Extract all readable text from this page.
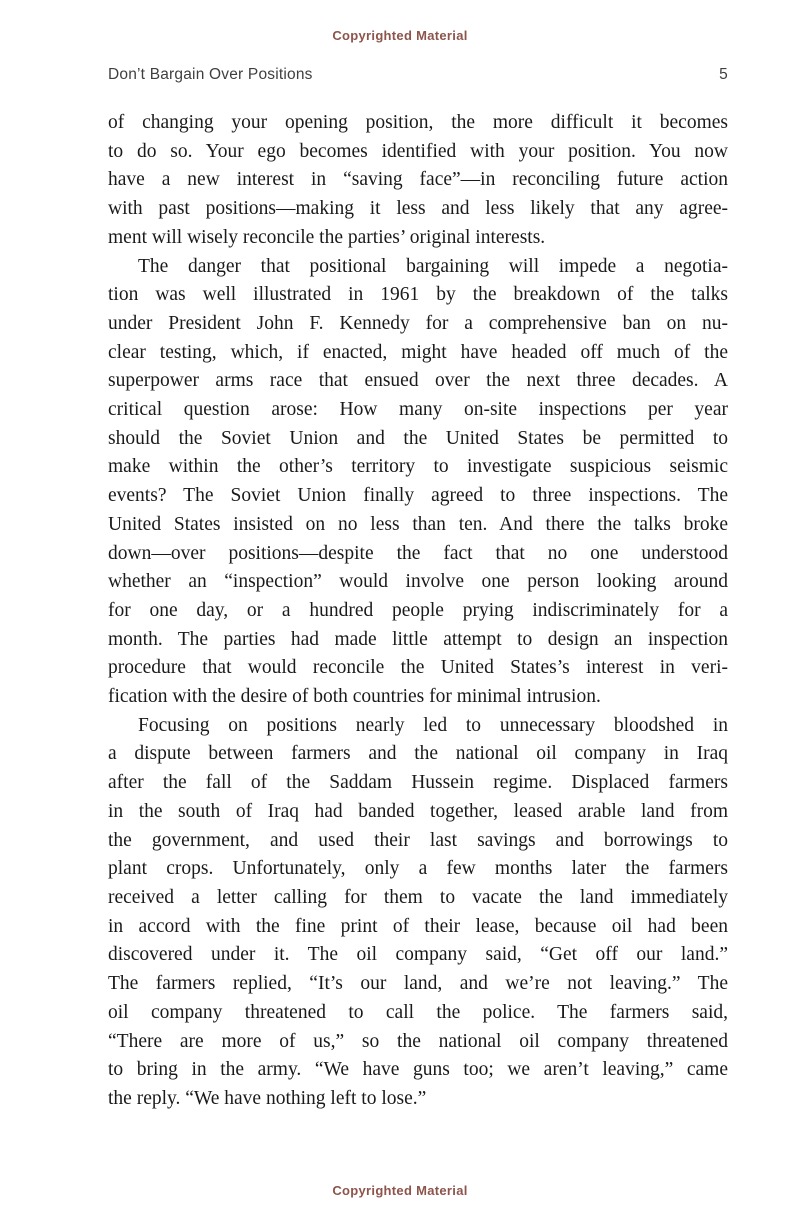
Copyrighted Material
Don’t Bargain Over Positions	5
of changing your opening position, the more difficult it becomes
to do so. Your ego becomes identified with your position. You now
have a new interest in “saving face”—in reconciling future action
with past positions—making it less and less likely that any agree-
ment will wisely reconcile the parties’ original interests.
The danger that positional bargaining will impede a negotia-
tion was well illustrated in 1961 by the breakdown of the talks
under President John F. Kennedy for a comprehensive ban on nu-
clear testing, which, if enacted, might have headed off much of the
superpower arms race that ensued over the next three decades. A
critical question arose: How many on-site inspections per year
should the Soviet Union and the United States be permitted to
make within the other’s territory to investigate suspicious seismic
events? The Soviet Union finally agreed to three inspections. The
United States insisted on no less than ten. And there the talks broke
down—over positions—despite the fact that no one understood
whether an “inspection” would involve one person looking around
for one day, or a hundred people prying indiscriminately for a
month. The parties had made little attempt to design an inspection
procedure that would reconcile the United States’s interest in veri-
fication with the desire of both countries for minimal intrusion.
Focusing on positions nearly led to unnecessary bloodshed in
a dispute between farmers and the national oil company in Iraq
after the fall of the Saddam Hussein regime. Displaced farmers
in the south of Iraq had banded together, leased arable land from
the government, and used their last savings and borrowings to
plant crops. Unfortunately, only a few months later the farmers
received a letter calling for them to vacate the land immediately
in accord with the fine print of their lease, because oil had been
discovered under it. The oil company said, “Get off our land.”
The farmers replied, “It’s our land, and we’re not leaving.” The
oil company threatened to call the police. The farmers said,
“There are more of us,” so the national oil company threatened
to bring in the army. “We have guns too; we aren’t leaving,” came
the reply. “We have nothing left to lose.”
Copyrighted Material
